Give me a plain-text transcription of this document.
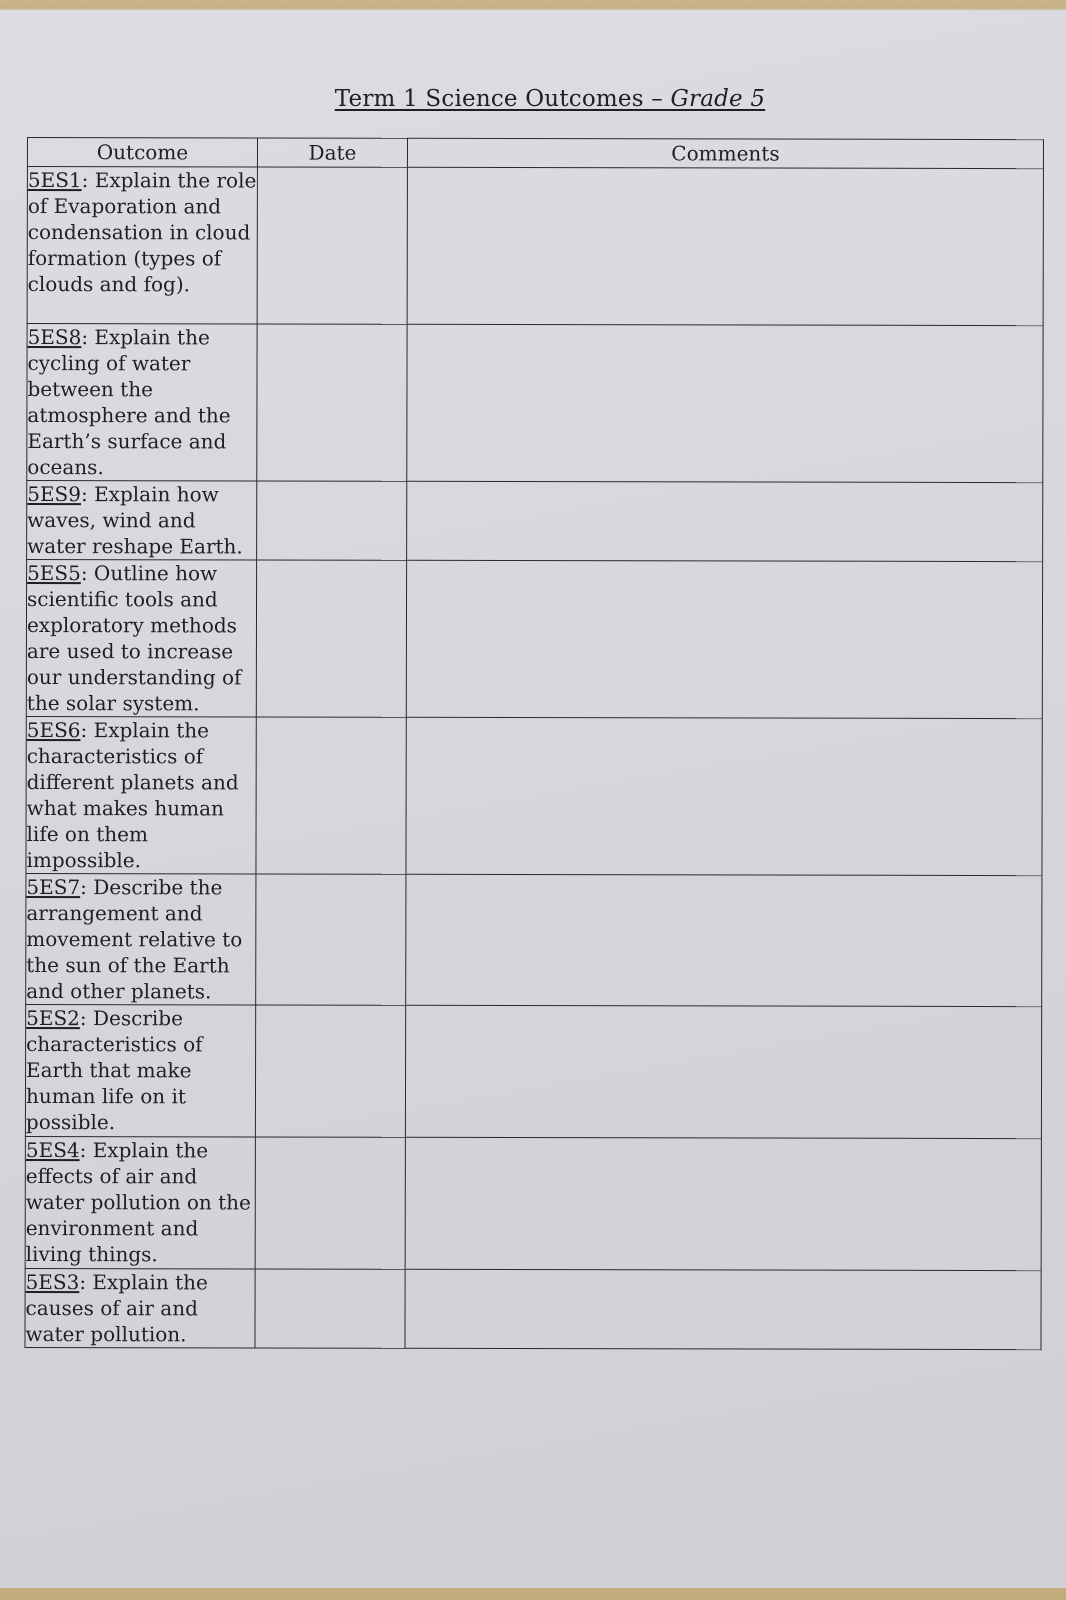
Term 1 Science Outcomes – Grade 5
Outcome	Date	Comments
5ES1: Explain the role of Evaporation and condensation in cloud formation (types of clouds and fog).		
5ES8: Explain the cycling of water between the atmosphere and the Earth’s surface and oceans.		
5ES9: Explain how waves, wind and water reshape Earth.		
5ES5: Outline how scientific tools and exploratory methods are used to increase our understanding of the solar system.		
5ES6: Explain the characteristics of different planets and what makes human life on them impossible.		
5ES7: Describe the arrangement and movement relative to the sun of the Earth and other planets.		
5ES2: Describe characteristics of Earth that make human life on it possible.		
5ES4: Explain the effects of air and water pollution on the environment and living things.		
5ES3: Explain the causes of air and water pollution.		
